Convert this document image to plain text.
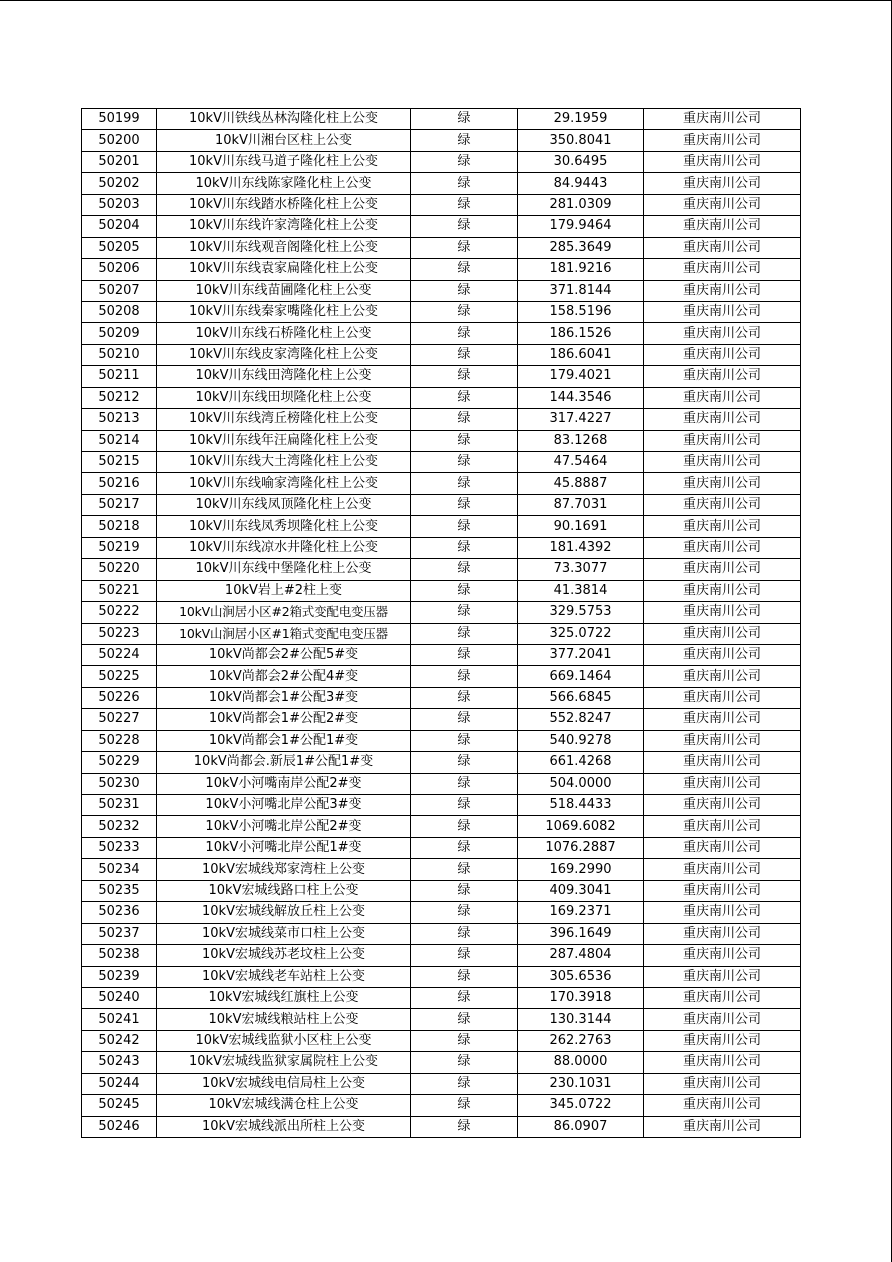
50199	10kV川铁线丛林沟隆化柱上公变	绿	29.1959	重庆南川公司
50200	10kV川湘台区柱上公变	绿	350.8041	重庆南川公司
50201	10kV川东线马道子隆化柱上公变	绿	30.6495	重庆南川公司
50202	10kV川东线陈家隆化柱上公变	绿	84.9443	重庆南川公司
50203	10kV川东线踏水桥隆化柱上公变	绿	281.0309	重庆南川公司
50204	10kV川东线许家湾隆化柱上公变	绿	179.9464	重庆南川公司
50205	10kV川东线观音阁隆化柱上公变	绿	285.3649	重庆南川公司
50206	10kV川东线袁家扁隆化柱上公变	绿	181.9216	重庆南川公司
50207	10kV川东线苗圃隆化柱上公变	绿	371.8144	重庆南川公司
50208	10kV川东线秦家嘴隆化柱上公变	绿	158.5196	重庆南川公司
50209	10kV川东线石桥隆化柱上公变	绿	186.1526	重庆南川公司
50210	10kV川东线皮家湾隆化柱上公变	绿	186.6041	重庆南川公司
50211	10kV川东线田湾隆化柱上公变	绿	179.4021	重庆南川公司
50212	10kV川东线田坝隆化柱上公变	绿	144.3546	重庆南川公司
50213	10kV川东线湾丘榜隆化柱上公变	绿	317.4227	重庆南川公司
50214	10kV川东线年汪扁隆化柱上公变	绿	83.1268	重庆南川公司
50215	10kV川东线大土湾隆化柱上公变	绿	47.5464	重庆南川公司
50216	10kV川东线喻家湾隆化柱上公变	绿	45.8887	重庆南川公司
50217	10kV川东线凤顶隆化柱上公变	绿	87.7031	重庆南川公司
50218	10kV川东线凤秀坝隆化柱上公变	绿	90.1691	重庆南川公司
50219	10kV川东线凉水井隆化柱上公变	绿	181.4392	重庆南川公司
50220	10kV川东线中堡隆化柱上公变	绿	73.3077	重庆南川公司
50221	10kV岩上#2柱上变	绿	41.3814	重庆南川公司
50222	10kV山涧居小区#2箱式变配电变压器	绿	329.5753	重庆南川公司
50223	10kV山涧居小区#1箱式变配电变压器	绿	325.0722	重庆南川公司
50224	10kV尚都会2#公配5#变	绿	377.2041	重庆南川公司
50225	10kV尚都会2#公配4#变	绿	669.1464	重庆南川公司
50226	10kV尚都会1#公配3#变	绿	566.6845	重庆南川公司
50227	10kV尚都会1#公配2#变	绿	552.8247	重庆南川公司
50228	10kV尚都会1#公配1#变	绿	540.9278	重庆南川公司
50229	10kV尚都会.新辰1#公配1#变	绿	661.4268	重庆南川公司
50230	10kV小河嘴南岸公配2#变	绿	504.0000	重庆南川公司
50231	10kV小河嘴北岸公配3#变	绿	518.4433	重庆南川公司
50232	10kV小河嘴北岸公配2#变	绿	1069.6082	重庆南川公司
50233	10kV小河嘴北岸公配1#变	绿	1076.2887	重庆南川公司
50234	10kV宏城线郑家湾柱上公变	绿	169.2990	重庆南川公司
50235	10kV宏城线路口柱上公变	绿	409.3041	重庆南川公司
50236	10kV宏城线解放丘柱上公变	绿	169.2371	重庆南川公司
50237	10kV宏城线菜市口柱上公变	绿	396.1649	重庆南川公司
50238	10kV宏城线苏老坟柱上公变	绿	287.4804	重庆南川公司
50239	10kV宏城线老车站柱上公变	绿	305.6536	重庆南川公司
50240	10kV宏城线红旗柱上公变	绿	170.3918	重庆南川公司
50241	10kV宏城线粮站柱上公变	绿	130.3144	重庆南川公司
50242	10kV宏城线监狱小区柱上公变	绿	262.2763	重庆南川公司
50243	10kV宏城线监狱家属院柱上公变	绿	88.0000	重庆南川公司
50244	10kV宏城线电信局柱上公变	绿	230.1031	重庆南川公司
50245	10kV宏城线满仓柱上公变	绿	345.0722	重庆南川公司
50246	10kV宏城线派出所柱上公变	绿	86.0907	重庆南川公司
